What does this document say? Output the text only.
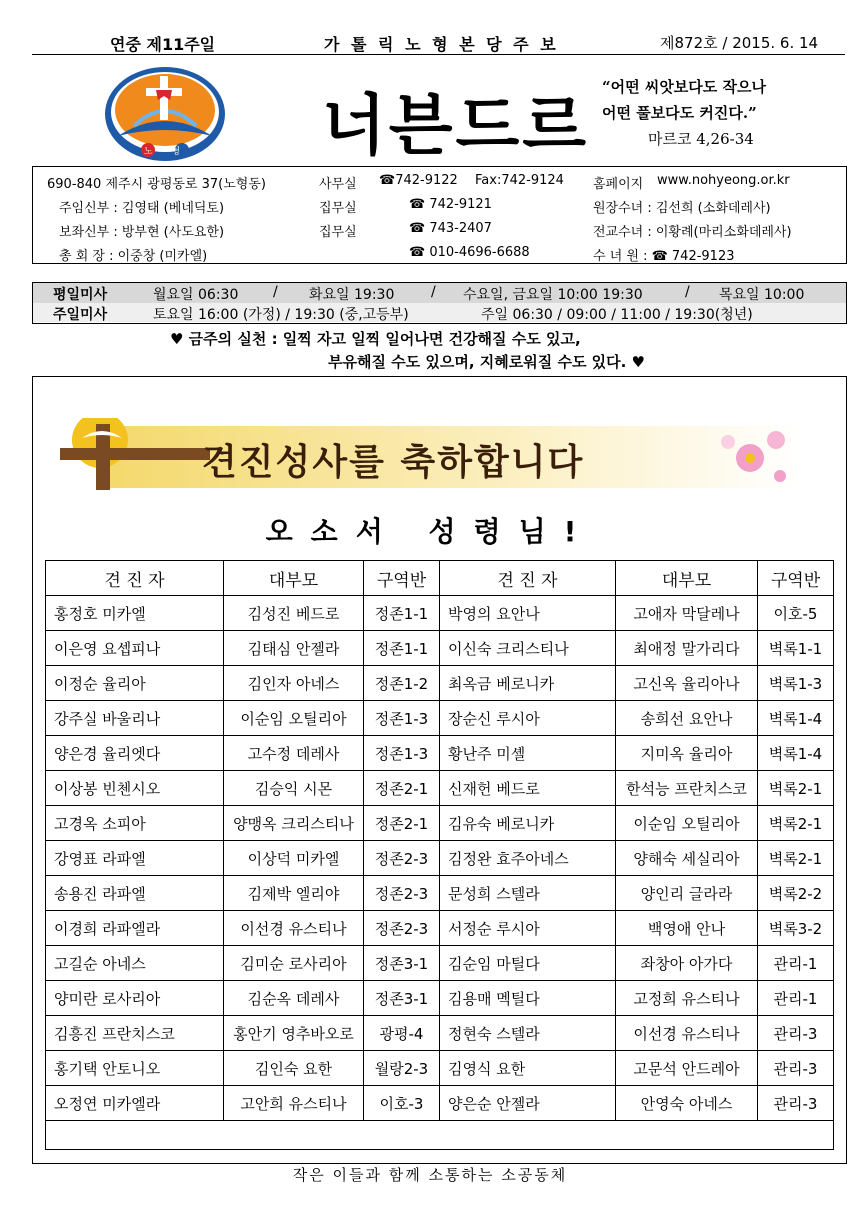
연중 제11주일	가 톨 릭 노 형 본 당 주 보	제872호 / 2015. 6. 14
노 형 너븐드르 “어떤 씨앗보다도 작으나
어떤 풀보다도 커진다.”
마르코 4,26-34
690-840 제주시 광평동로 37(노형동)	사무실 ☎742-9122 Fax:742-9124 홈페이지 www.nohyeong.or.kr
주임신부 : 김영태 (베네딕토)	집무실	☎ 742-9121	원장수녀 : 김선희 (소화데레사)
보좌신부 : 방부현 (사도요한)	집무실	☎ 743-2407	전교수녀 : 이황례(마리소화데레사)
총 회 장 : 이중창 (미카엘)	☎ 010-4696-6688	수 녀 원 : ☎ 742-9123
평일미사	월요일 06:30 / 화요일 19:30	/ 수요일, 금요일 10:00 19:30	/ 목요일 10:00
주일미사	토요일 16:00 (가정) / 19:30 (중,고등부)	주일 06:30 / 09:00 / 11:00 / 19:30(청년)
♥ 금주의 실천 : 일찍 자고 일찍 일어나면 건강해질 수도 있고,
부유해질 수도 있으며, 지혜로워질 수도 있다. ♥
견진성사를 축하합니다
오소서 성령님!
견 진 자	대부모	구역반	견 진 자	대부모	구역반
홍정호 미카엘	김성진 베드로	정존1-1	박영의 요안나	고애자 막달레나	이호-5
이은영 요셉피나	김태심 안젤라	정존1-1	이신숙 크리스티나	최애정 말가리다	벽록1-1
이정순 율리아	김인자 아네스	정존1-2	최옥금 베로니카	고신옥 율리아나	벽록1-3
강주실 바울리나	이순임 오틸리아	정존1-3	장순신 루시아	송희선 요안나	벽록1-4
양은경 율리엣다	고수정 데레사	정존1-3	황난주 미셸	지미옥 율리아	벽록1-4
이상봉 빈첸시오	김승익 시몬	정존2-1	신재헌 베드로	한석능 프란치스코	벽록2-1
고경옥 소피아	양맹옥 크리스티나	정존2-1	김유숙 베로니카	이순임 오틸리아	벽록2-1
강영표 라파엘	이상덕 미카엘	정존2-3	김정완 효주아네스	양해숙 세실리아	벽록2-1
송용진 라파엘	김제박 엘리야	정존2-3	문성희 스텔라	양인리 글라라	벽록2-2
이경희 라파엘라	이선경 유스티나	정존2-3	서정순 루시아	백영애 안나	벽록3-2
고길순 아네스	김미순 로사리아	정존3-1	김순임 마틸다	좌창아 아가다	관리-1
양미란 로사리아	김순옥 데레사	정존3-1	김용매 멕틸다	고정희 유스티나	관리-1
김흥진 프란치스코	홍안기 영추바오로	광평-4	정현숙 스텔라	이선경 유스티나	관리-3
홍기택 안토니오	김인숙 요한	월랑2-3	김영식 요한	고문석 안드레아	관리-3
오정연 미카엘라	고안희 유스티나	이호-3	양은순 안젤라	안영숙 아네스	관리-3

작은 이들과 함께 소통하는 소공동체
